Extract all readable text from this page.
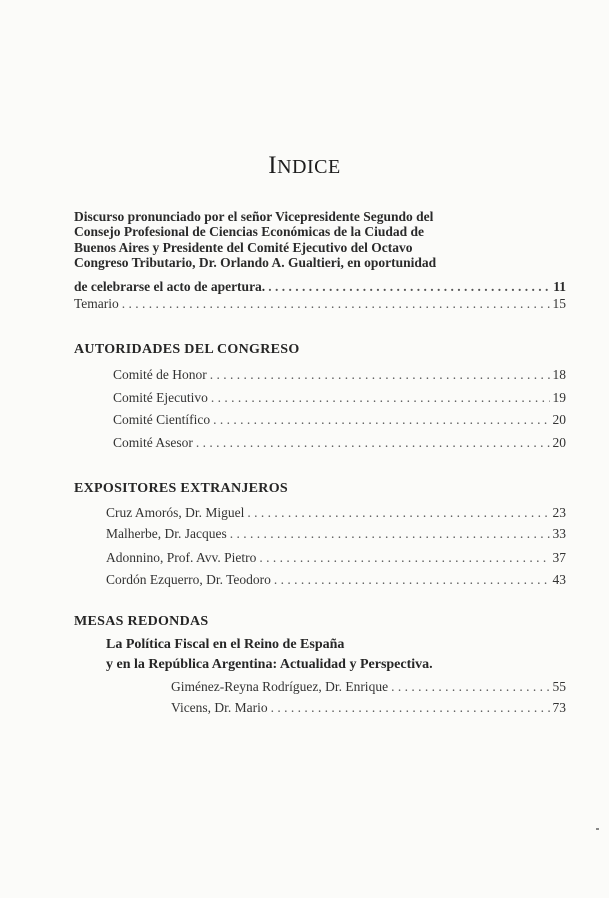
INDICE
Discurso pronunciado por el señor Vicepresidente Segundo del
Consejo Profesional de Ciencias Económicas de la Ciudad de
Buenos Aires y Presidente del Comité Ejecutivo del Octavo
Congreso Tributario, Dr. Orlando A. Gualtieri, en oportunidad
de celebrarse el acto de apertura. . . .	11
Temario . . .	15
AUTORIDADES DEL CONGRESO
Comité de Honor . . .	18
Comité Ejecutivo . . .	19
Comité Científico . . .	20
Comité Asesor . . .	20
EXPOSITORES EXTRANJEROS
Cruz Amorós, Dr. Miguel . . .	23
Malherbe, Dr. Jacques . . .	33
Adonnino, Prof. Avv. Pietro . . .	37
Cordón Ezquerro, Dr. Teodoro . . .	43
MESAS REDONDAS
La Política Fiscal en el Reino de España
y en la República Argentina: Actualidad y Perspectiva.
Giménez-Reyna Rodríguez, Dr. Enrique . . .	55
Vicens, Dr. Mario . . .	73
